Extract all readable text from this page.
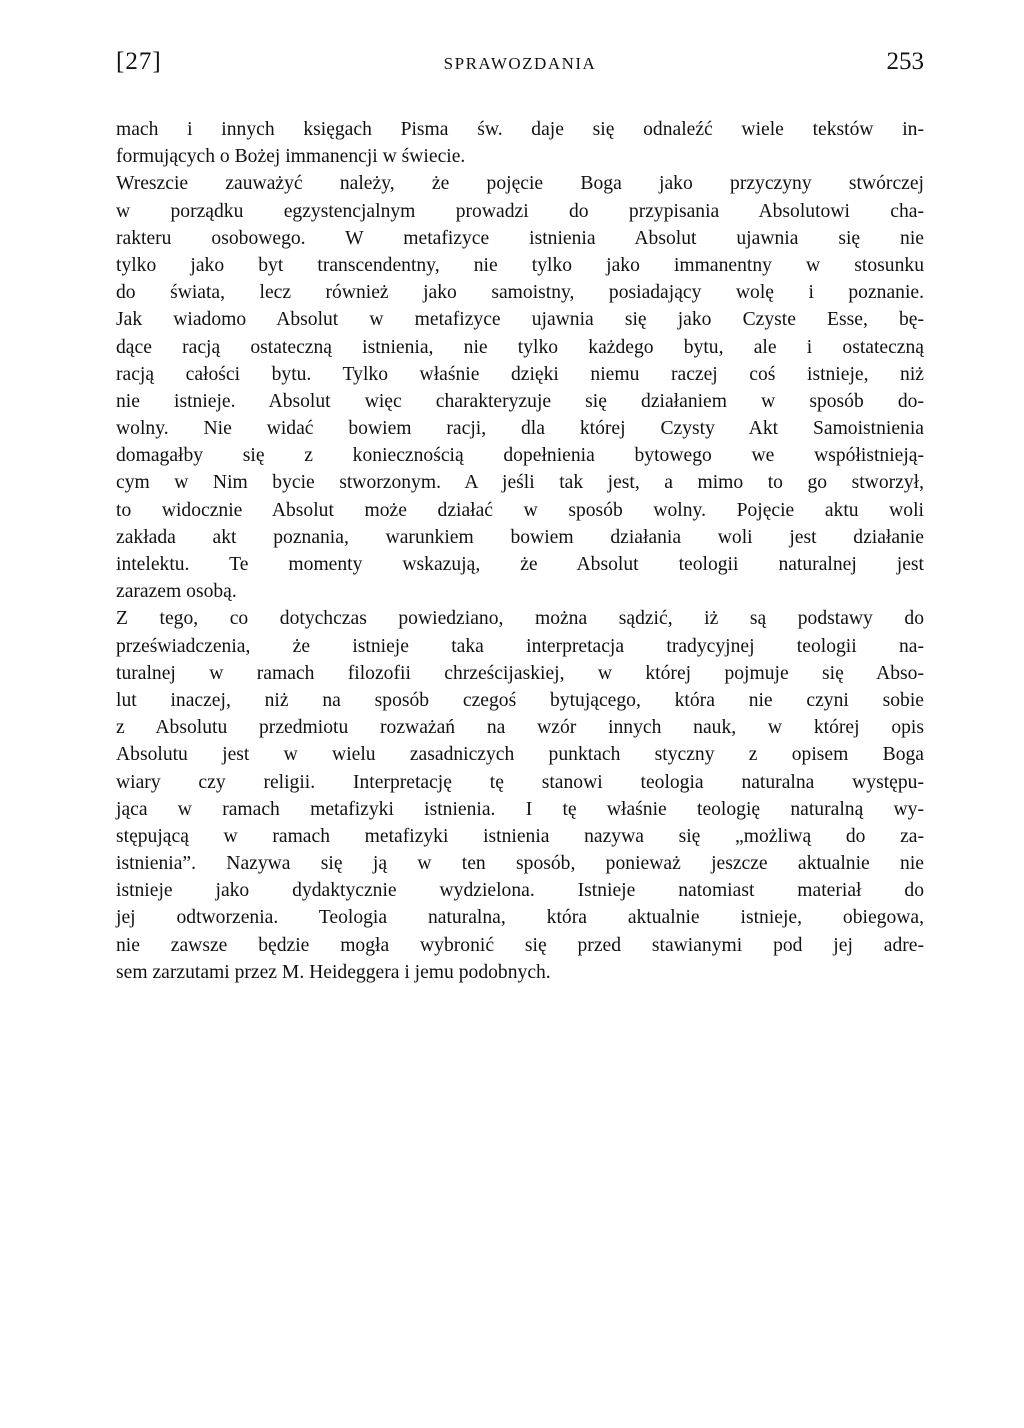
[27]	SPRAWOZDANIA	253
mach i innych księgach Pisma św. daje się odnaleźć wiele tekstów in-
formujących o Bożej immanencji w świecie.
Wreszcie zauważyć należy, że pojęcie Boga jako przyczyny stwórczej
w porządku egzystencjalnym prowadzi do przypisania Absolutowi cha-
rakteru osobowego. W metafizyce istnienia Absolut ujawnia się nie
tylko jako byt transcendentny, nie tylko jako immanentny w stosunku
do świata, lecz również jako samoistny, posiadający wolę i poznanie.
Jak wiadomo Absolut w metafizyce ujawnia się jako Czyste Esse, bę-
dące racją ostateczną istnienia, nie tylko każdego bytu, ale i ostateczną
racją całości bytu. Tylko właśnie dzięki niemu raczej coś istnieje, niż
nie istnieje. Absolut więc charakteryzuje się działaniem w sposób do-
wolny. Nie widać bowiem racji, dla której Czysty Akt Samoistnienia
domagałby się z koniecznością dopełnienia bytowego we współistnieją-
cym w Nim bycie stworzonym. A jeśli tak jest, a mimo to go stworzył,
to widocznie Absolut może działać w sposób wolny. Pojęcie aktu woli
zakłada akt poznania, warunkiem bowiem działania woli jest działanie
intelektu. Te momenty wskazują, że Absolut teologii naturalnej jest
zarazem osobą.
Z tego, co dotychczas powiedziano, można sądzić, iż są podstawy do
przeświadczenia, że istnieje taka interpretacja tradycyjnej teologii na-
turalnej w ramach filozofii chrześcijaskiej, w której pojmuje się Abso-
lut inaczej, niż na sposób czegoś bytującego, która nie czyni sobie
z Absolutu przedmiotu rozważań na wzór innych nauk, w której opis
Absolutu jest w wielu zasadniczych punktach styczny z opisem Boga
wiary czy religii. Interpretację tę stanowi teologia naturalna występu-
jąca w ramach metafizyki istnienia. I tę właśnie teologię naturalną wy-
stępującą w ramach metafizyki istnienia nazywa się „możliwą do za-
istnienia”. Nazywa się ją w ten sposób, ponieważ jeszcze aktualnie nie
istnieje jako dydaktycznie wydzielona. Istnieje natomiast materiał do
jej odtworzenia. Teologia naturalna, która aktualnie istnieje, obiegowa,
nie zawsze będzie mogła wybronić się przed stawianymi pod jej adre-
sem zarzutami przez M. Heideggera i jemu podobnych.
